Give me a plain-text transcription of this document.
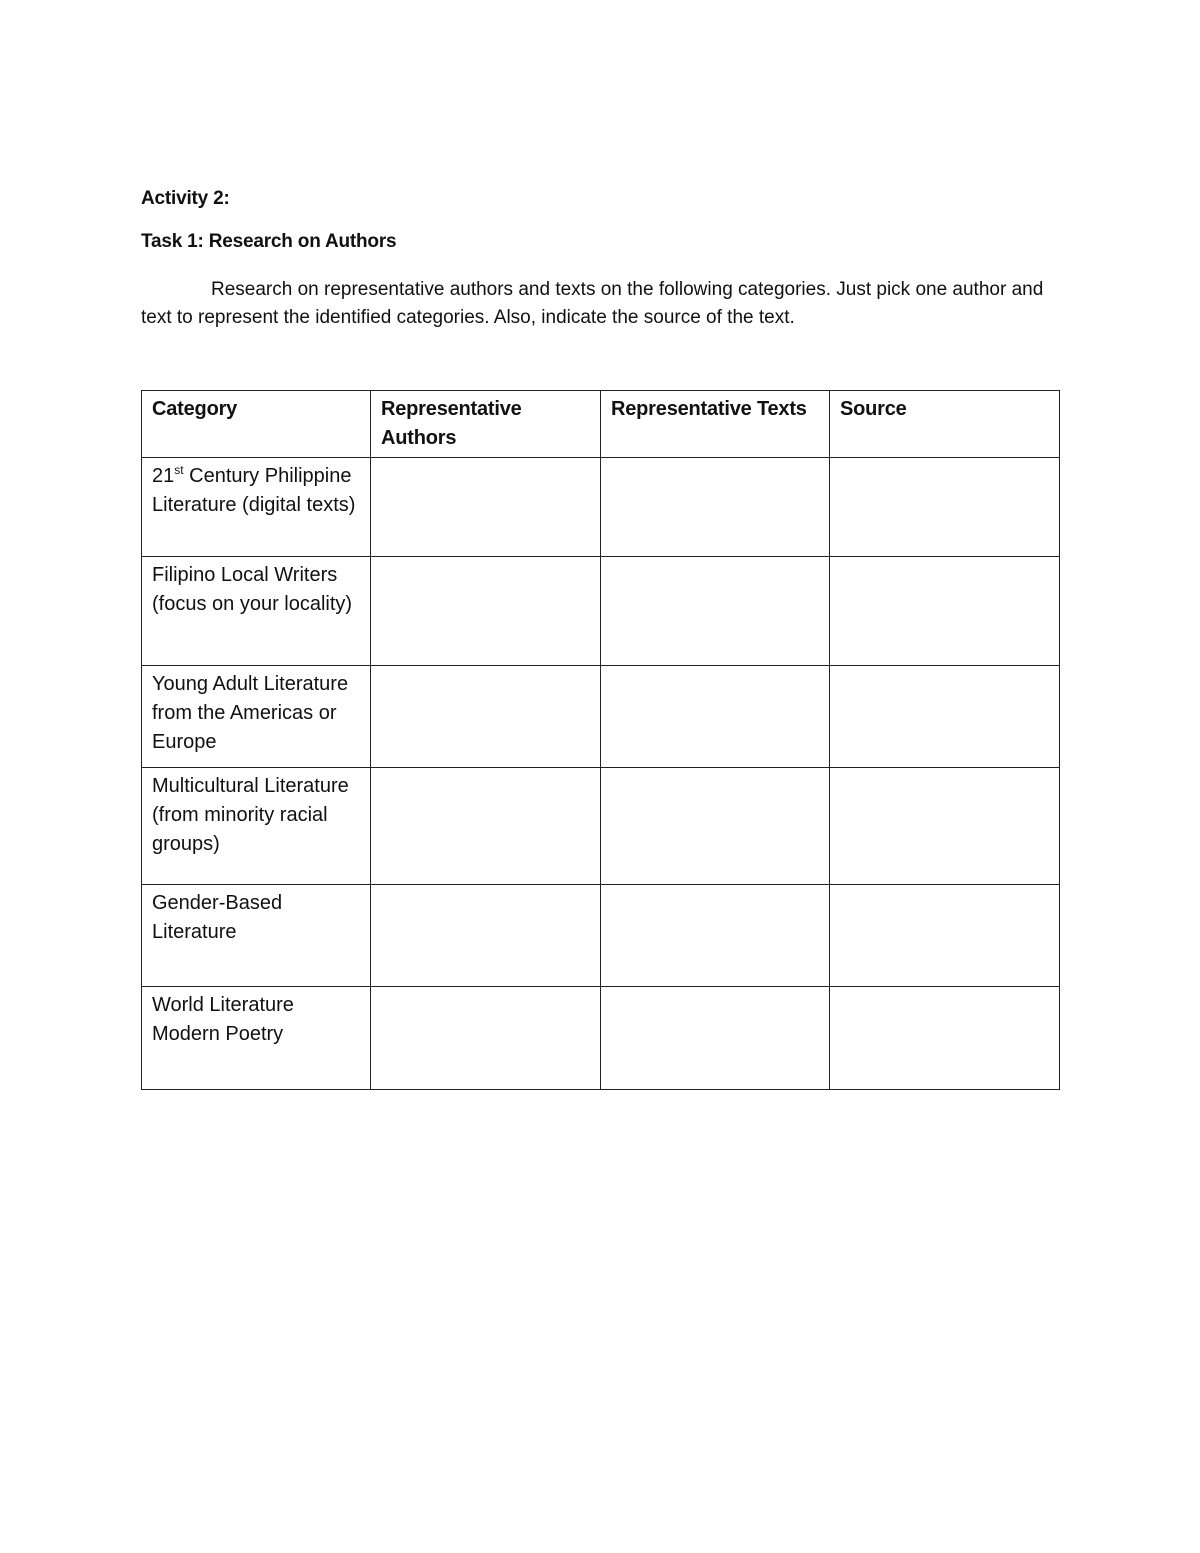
Activity 2:
Task 1: Research on Authors

Research on representative authors and texts on the following categories. Just pick one author and text to represent the identified categories. Also, indicate the source of the text.

Category	Representative Authors	Representative Texts	Source
21st Century Philippine Literature (digital texts)			
Filipino Local Writers (focus on your locality)			
Young Adult Literature from the Americas or Europe			
Multicultural Literature (from minority racial groups)			
Gender-Based Literature			
World Literature Modern Poetry			
